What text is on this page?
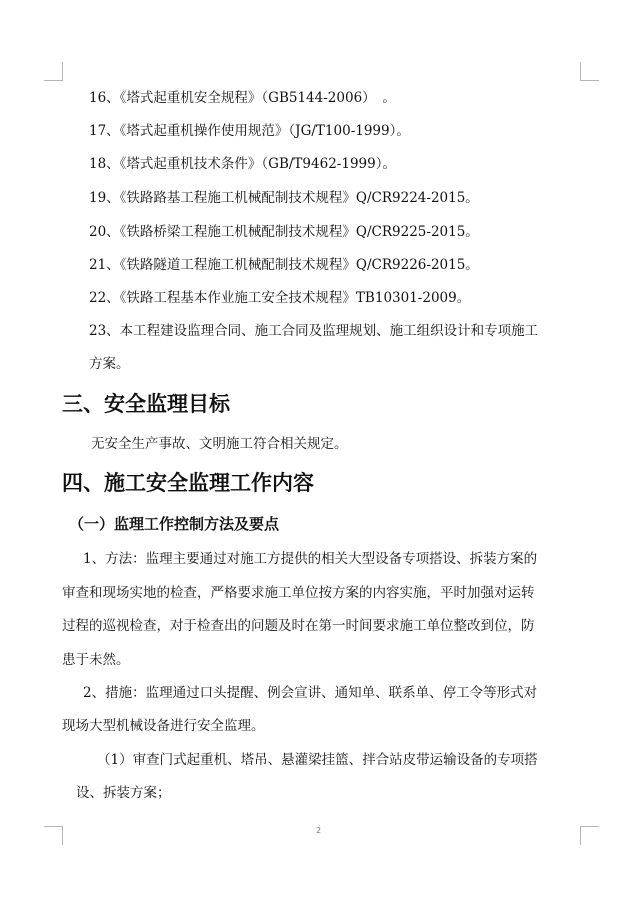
16、《塔式起重机安全规程》（GB5144-2006）　。
17、《塔式起重机操作使用规范》（JG/T100-1999）。
18、《塔式起重机技术条件》（GB/T9462-1999）。
19、《铁路路基工程施工机械配制技术规程》Q/CR9224-2015。
20、《铁路桥梁工程施工机械配制技术规程》Q/CR9225-2015。
21、《铁路隧道工程施工机械配制技术规程》Q/CR9226-2015。
22、《铁路工程基本作业施工安全技术规程》TB10301-2009。
23、本工程建设监理合同、施工合同及监理规划、施工组织设计和专项施工
方案。
三、安全监理目标
无安全生产事故、文明施工符合相关规定。
四、施工安全监理工作内容
（一）监理工作控制方法及要点
1、方法：监理主要通过对施工方提供的相关大型设备专项搭设、拆装方案的
审查和现场实地的检查，严格要求施工单位按方案的内容实施，平时加强对运转
过程的巡视检查，对于检查出的问题及时在第一时间要求施工单位整改到位，防
患于未然。
2、措施：监理通过口头提醒、例会宣讲、通知单、联系单、停工令等形式对
现场大型机械设备进行安全监理。
（1）审查门式起重机、塔吊、悬灌梁挂篮、拌合站皮带运输设备的专项搭
设、拆装方案；
2
